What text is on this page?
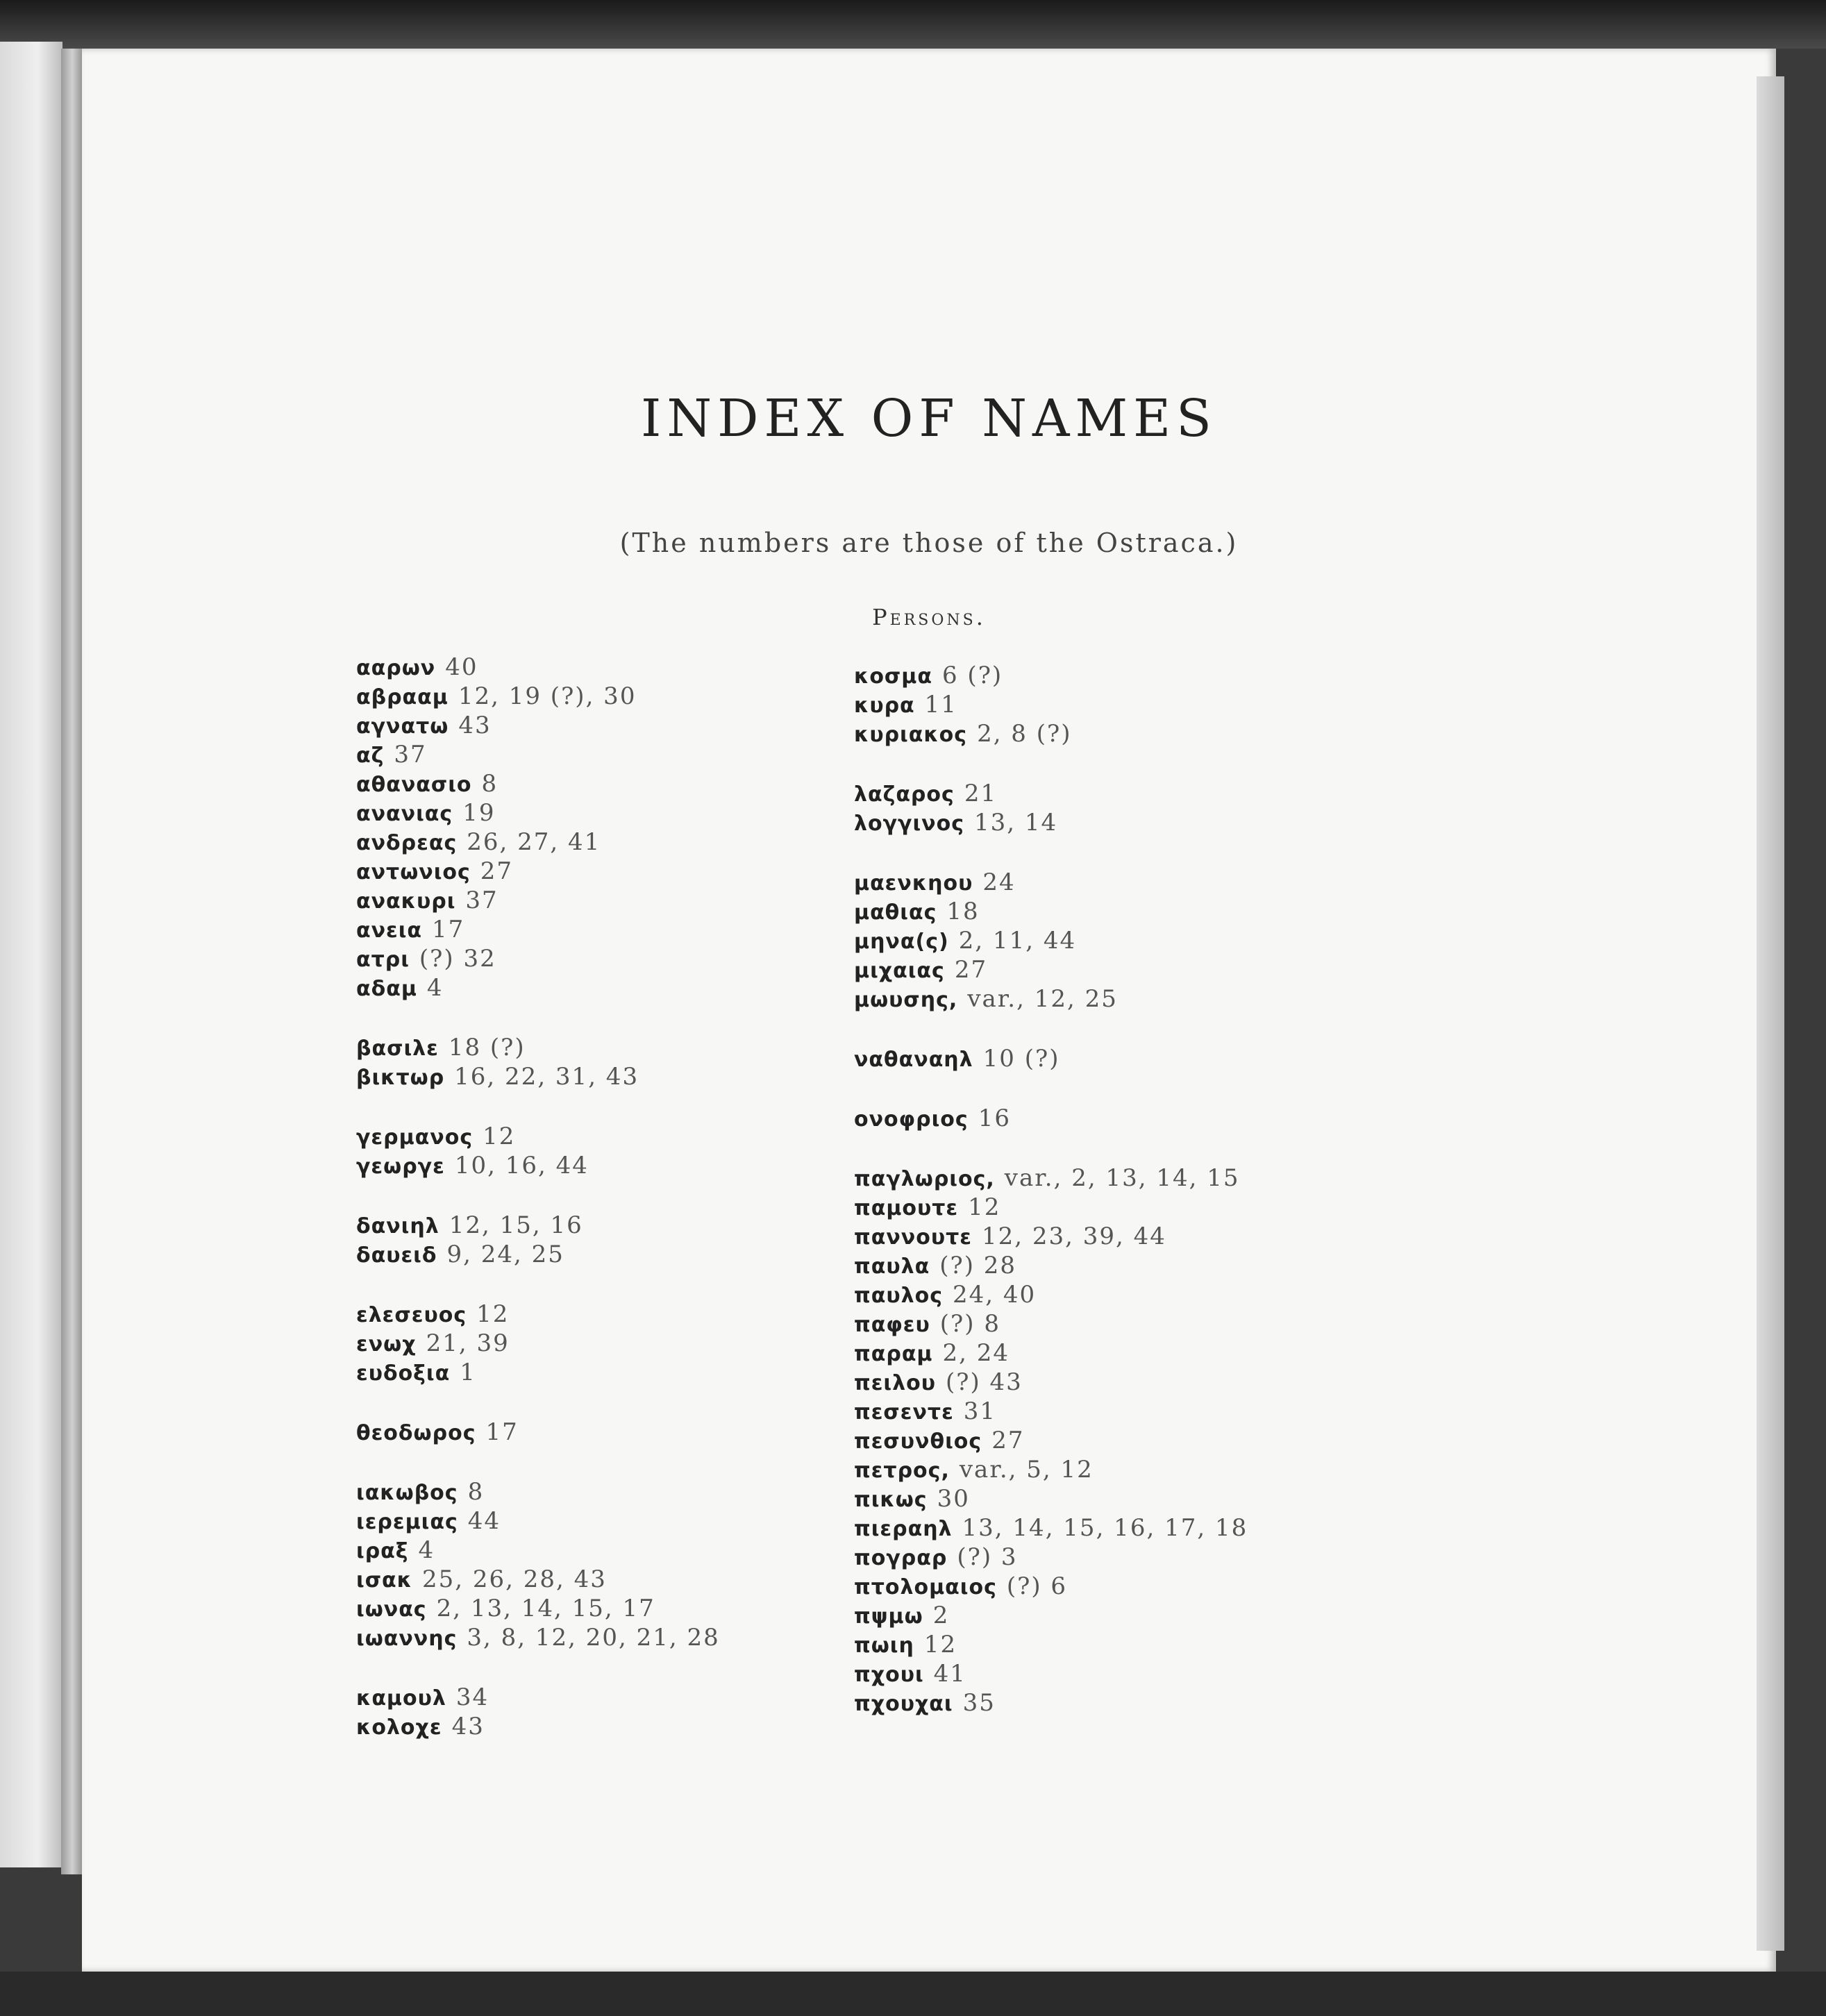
INDEX OF NAMES
(The numbers are those of the Ostraca.)
Persons.
ααρων 40
αβρααμ 12, 19 (?), 30
αγνατω 43
αζ 37
αθανασιο 8
ανανιας 19
ανδρεας 26, 27, 41
αντωνιος 27
ανακυρι 37
ανεια 17
ατρι (?) 32
αδαμ 4
βασιλε 18 (?)
βικτωρ 16, 22, 31, 43
γερμανος 12
γεωργε 10, 16, 44
δανιηλ 12, 15, 16
δαυειδ 9, 24, 25
ελεσευος 12
ενωχ 21, 39
ευδοξια 1
θεοδωρος 17
ιακωβος 8
ιερεμιας 44
ιραξ 4
ισακ 25, 26, 28, 43
ιωνας 2, 13, 14, 15, 17
ιωαννης 3, 8, 12, 20, 21, 28
καμουλ 34
κολοχε 43
κοσμα 6 (?)
κυρα 11
κυριακος 2, 8 (?)
λαζαρος 21
λογγινος 13, 14
μαενκηου 24
μαθιας 18
μηνα(ς) 2, 11, 44
μιχαιας 27
μωυσης, var., 12, 25
ναθαναηλ 10 (?)
ονοφριος 16
παγλωριος, var., 2, 13, 14, 15
παμουτε 12
παννουτε 12, 23, 39, 44
παυλα (?) 28
παυλος 24, 40
παφευ (?) 8
παραμ 2, 24
πειλου (?) 43
πεσεντε 31
πεσυνθιος 27
πετρος, var., 5, 12
πικως 30
πιεραηλ 13, 14, 15, 16, 17, 18
πογραρ (?) 3
πτολομαιος (?) 6
πψμω 2
πωιη 12
πχουι 41
πχουχαι 35
